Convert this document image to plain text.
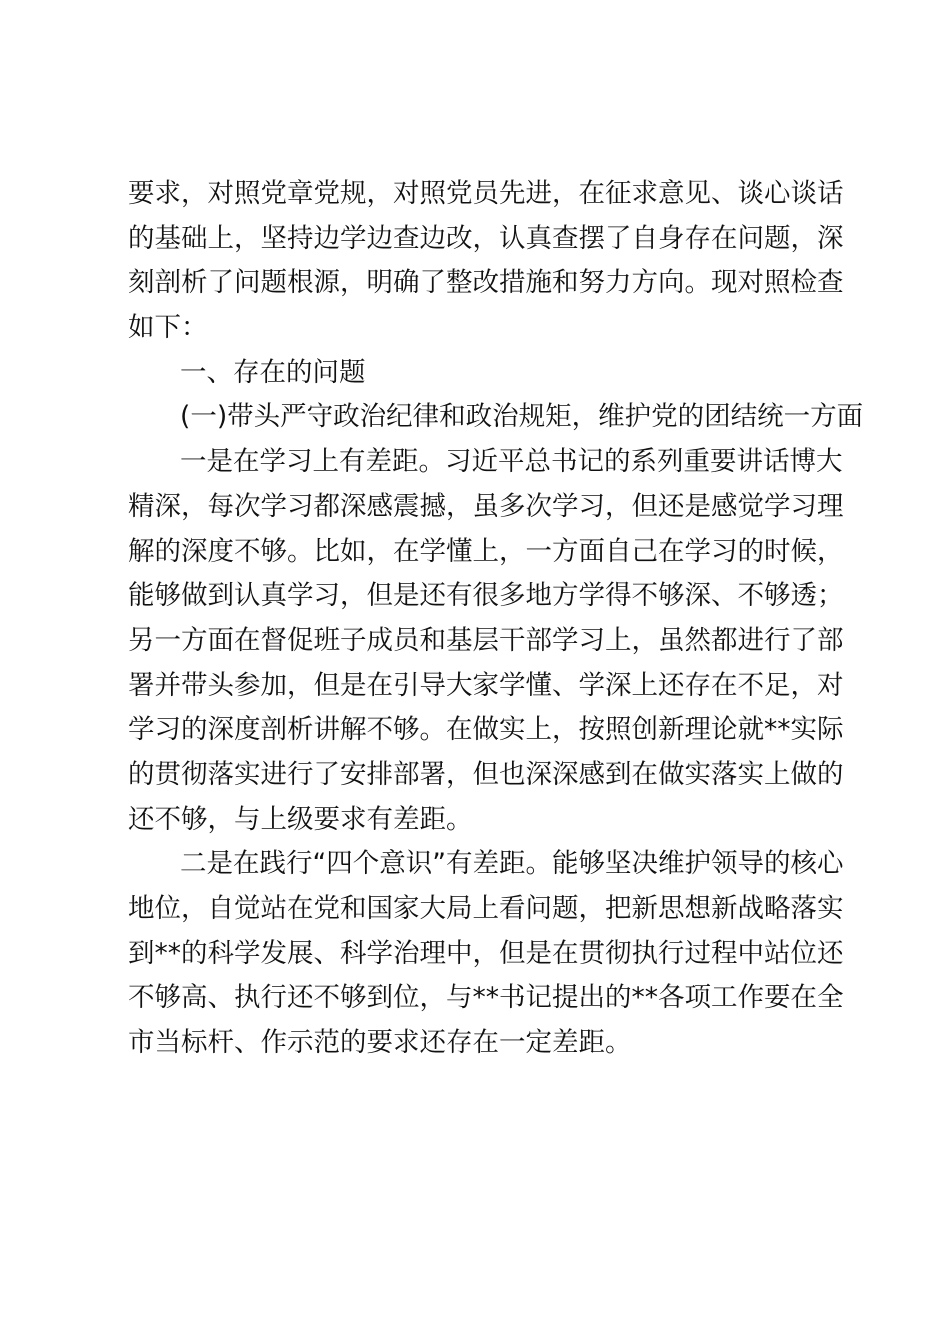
要求，对照党章党规，对照党员先进，在征求意见、谈心谈话
的基础上，坚持边学边查边改，认真查摆了自身存在问题，深
刻剖析了问题根源，明确了整改措施和努力方向。现对照检查
如下：
一、存在的问题
(一)带头严守政治纪律和政治规矩，维护党的团结统一方面
一是在学习上有差距。习近平总书记的系列重要讲话博大
精深，每次学习都深感震撼，虽多次学习，但还是感觉学习理
解的深度不够。比如，在学懂上，一方面自己在学习的时候，
能够做到认真学习，但是还有很多地方学得不够深、不够透；
另一方面在督促班子成员和基层干部学习上，虽然都进行了部
署并带头参加，但是在引导大家学懂、学深上还存在不足，对
学习的深度剖析讲解不够。在做实上，按照创新理论就**实际
的贯彻落实进行了安排部署，但也深深感到在做实落实上做的
还不够，与上级要求有差距。
二是在践行“四个意识”有差距。能够坚决维护领导的核心
地位，自觉站在党和国家大局上看问题，把新思想新战略落实
到**的科学发展、科学治理中，但是在贯彻执行过程中站位还
不够高、执行还不够到位，与**书记提出的**各项工作要在全
市当标杆、作示范的要求还存在一定差距。
